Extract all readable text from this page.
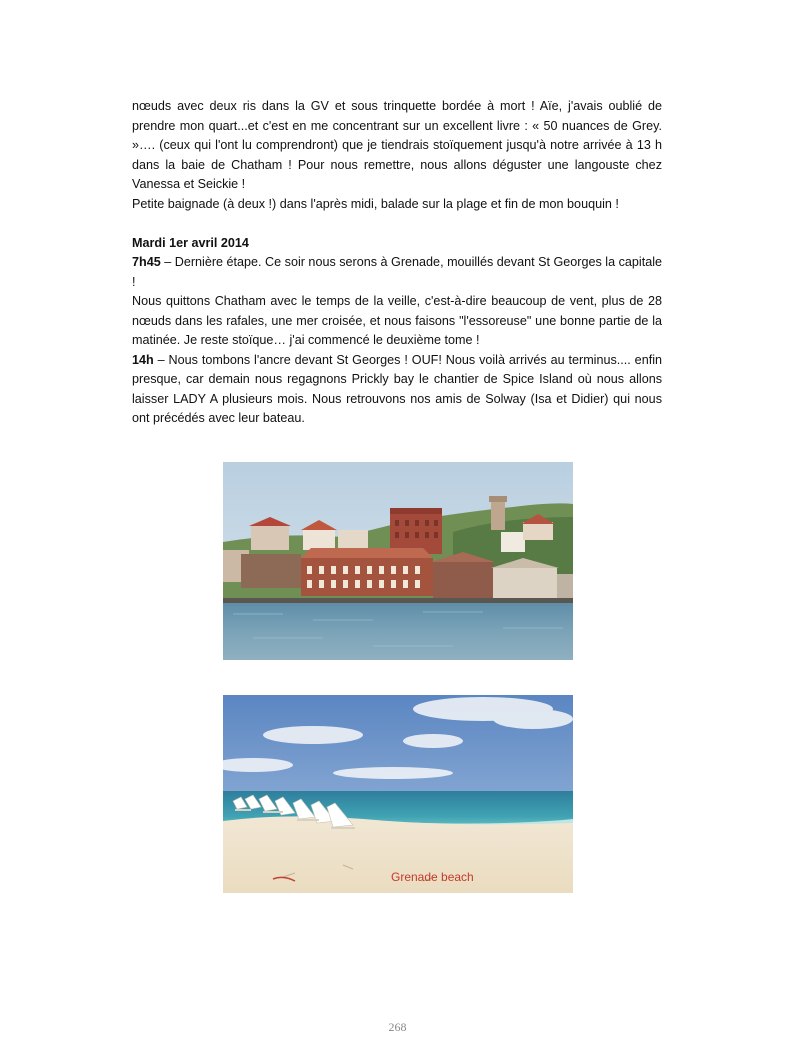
nœuds avec deux ris dans la GV et sous trinquette bordée à mort ! Aïe, j'avais oublié de prendre mon quart...et c'est en me concentrant sur un excellent livre : « 50 nuances de Grey. »…. (ceux qui l'ont lu comprendront) que je tiendrais stoïquement jusqu'à notre arrivée à 13 h dans la baie de Chatham ! Pour nous remettre, nous allons déguster une langouste chez Vanessa et Seickie !

Petite baignade (à deux !) dans l'après midi, balade sur la plage et fin de mon bouquin !

Mardi 1er avril 2014

7h45 – Dernière étape. Ce soir nous serons à Grenade, mouillés devant St Georges la capitale !

Nous quittons Chatham avec le temps de la veille, c'est-à-dire beaucoup de vent, plus de 28 nœuds dans les rafales, une mer croisée, et nous faisons "l'essoreuse" une bonne partie de la matinée. Je reste stoïque… j'ai commencé le deuxième tome !

14h – Nous tombons l'ancre devant St Georges ! OUF! Nous voilà arrivés au terminus.... enfin presque, car demain nous regagnons Prickly bay le chantier de Spice Island où nous allons laisser LADY A plusieurs mois. Nous retrouvons nos amis de Solway (Isa et Didier) qui nous ont précédés avec leur bateau.

Grenade beach
268
